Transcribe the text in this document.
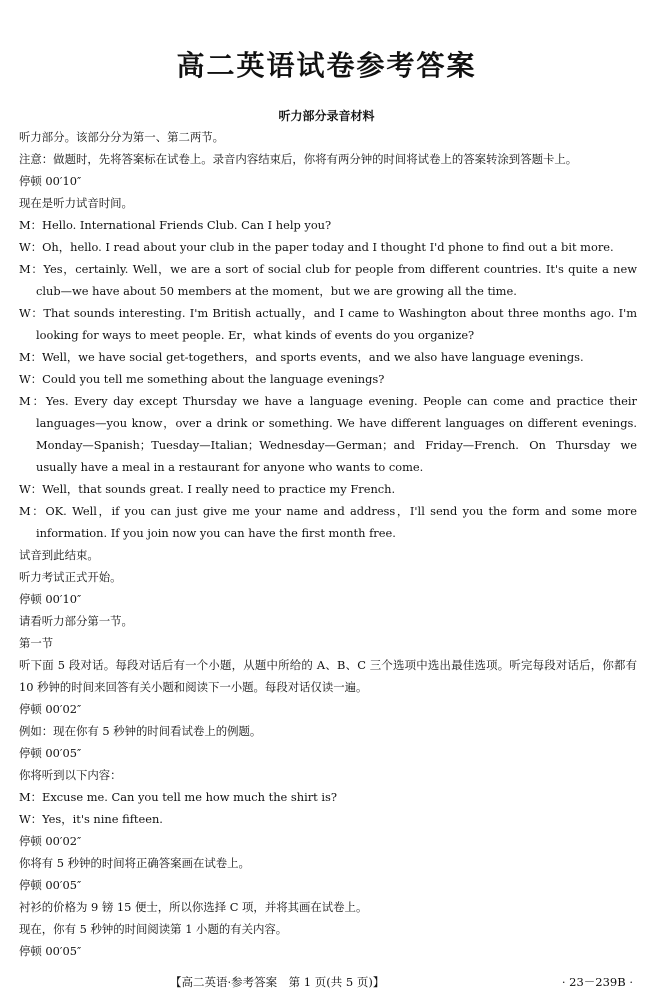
高二英语试卷参考答案
听力部分录音材料
听力部分。该部分分为第一、第二两节。
注意：做题时，先将答案标在试卷上。录音内容结束后，你将有两分钟的时间将试卷上的答案转涂到答题卡上。
停顿 00′10″
现在是听力试音时间。
M：Hello. International Friends Club. Can I help you?
W：Oh，hello. I read about your club in the paper today and I thought I'd phone to find out a bit more.
M：Yes，certainly. Well，we are a sort of social club for people from different countries. It's quite a new club—we have about 50 members at the moment，but we are growing all the time.
W：That sounds interesting. I'm British actually，and I came to Washington about three months ago. I'm looking for ways to meet people. Er，what kinds of events do you organize?
M：Well，we have social get-togethers，and sports events，and we also have language evenings.
W：Could you tell me something about the language evenings?
M：Yes. Every day except Thursday we have a language evening. People can come and practice their languages—you know，over a drink or something. We have different languages on different evenings. Monday—Spanish；Tuesday—Italian；Wednesday—German；and Friday—French. On Thursday we usually have a meal in a restaurant for anyone who wants to come.
W：Well，that sounds great. I really need to practice my French.
M：OK. Well，if you can just give me your name and address，I'll send you the form and some more information. If you join now you can have the first month free.
试音到此结束。
听力考试正式开始。
停顿 00′10″
请看听力部分第一节。
第一节
听下面 5 段对话。每段对话后有一个小题，从题中所给的 A、B、C 三个选项中选出最佳选项。听完每段对话后，你都有 10 秒钟的时间来回答有关小题和阅读下一小题。每段对话仅读一遍。
停顿 00′02″
例如：现在你有 5 秒钟的时间看试卷上的例题。
停顿 00′05″
你将听到以下内容：
M：Excuse me. Can you tell me how much the shirt is?
W：Yes，it's nine fifteen.
停顿 00′02″
你将有 5 秒钟的时间将正确答案画在试卷上。
停顿 00′05″
衬衫的价格为 9 镑 15 便士，所以你选择 C 项，并将其画在试卷上。
现在，你有 5 秒钟的时间阅读第 1 小题的有关内容。
停顿 00′05″
【高二英语·参考答案　第 1 页(共 5 页)】	· 23－239B ·
